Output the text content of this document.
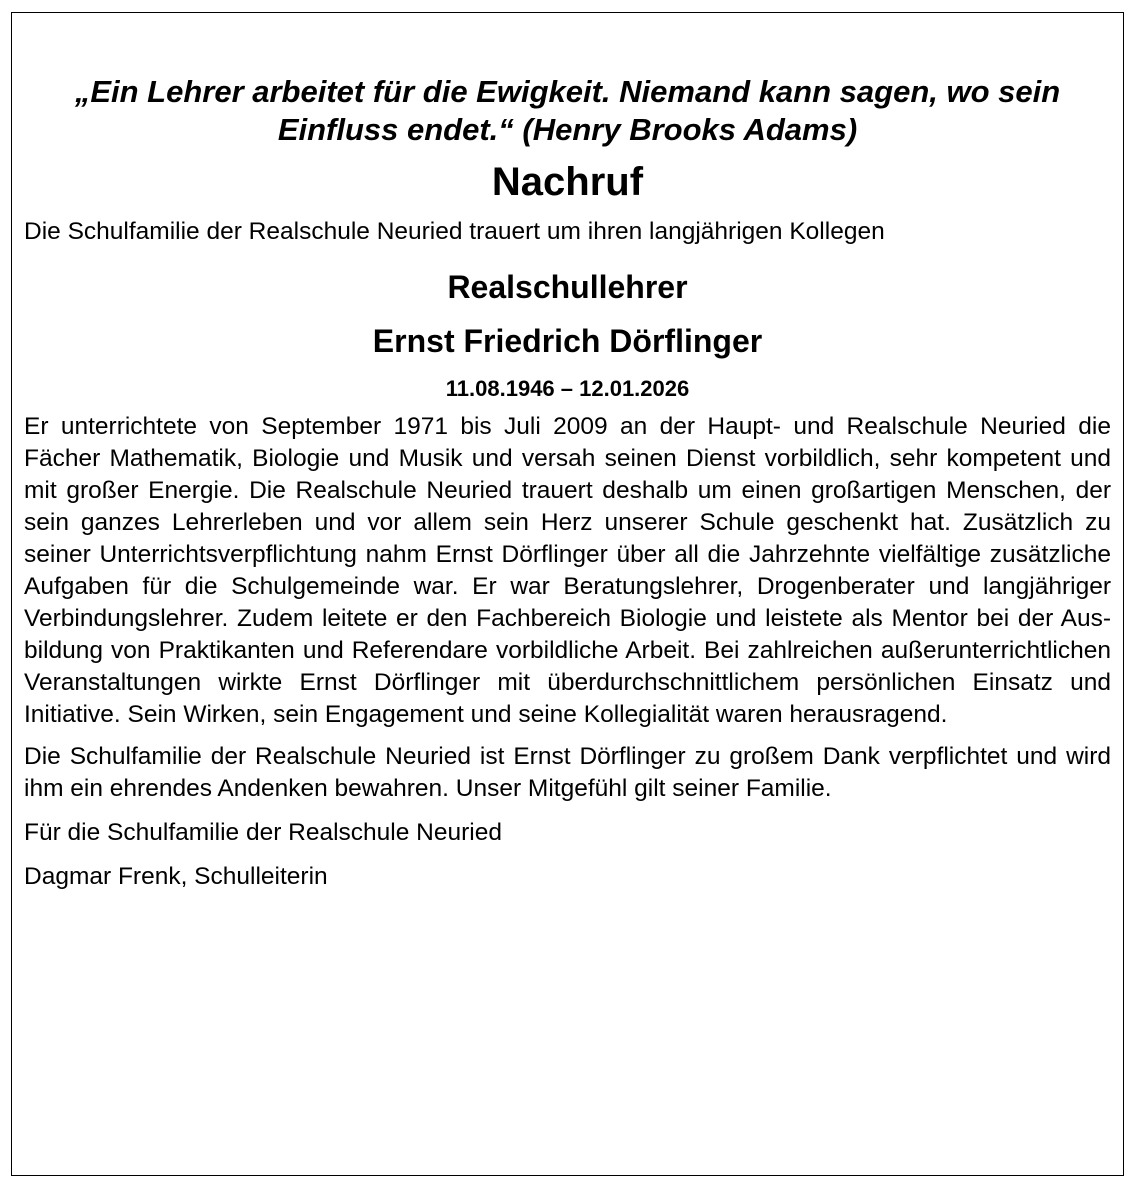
„Ein Lehrer arbeitet für die Ewigkeit. Niemand kann sagen, wo sein Einfluss endet.“ (Henry Brooks Adams)

Nachruf

Die Schulfamilie der Realschule Neuried trauert um ihren langjährigen Kollegen

Realschullehrer
Ernst Friedrich Dörflinger

11.08.1946 – 12.01.2026

Er unterrichtete von September 1971 bis Juli 2009 an der Haupt- und Realschule Neuried die Fächer Mathematik, Biologie und Musik und versah seinen Dienst vorbildlich, sehr kompetent und mit großer Energie. Die Realschule Neuried trauert deshalb um einen großartigen Menschen, der sein ganzes Lehrerleben und vor allem sein Herz unserer Schule geschenkt hat. Zusätzlich zu seiner Unterrichtsverpflichtung nahm Ernst Dörflinger über all die Jahrzehnte vielfältige zusätzliche Aufgaben für die Schulgemeinde war. Er war Beratungslehrer, Drogenberater und langjähriger Verbindungslehrer. Zudem leitete er den Fachbereich Biologie und leistete als Mentor bei der Ausbildung von Praktikanten und Referendare vorbildliche Arbeit. Bei zahlreichen außerunterrichtlichen Veranstaltungen wirkte Ernst Dörflinger mit überdurchschnittlichem persönlichen Einsatz und Initiative. Sein Wirken, sein Engagement und seine Kollegialität waren herausragend.

Die Schulfamilie der Realschule Neuried ist Ernst Dörflinger zu großem Dank verpflichtet und wird ihm ein ehrendes Andenken bewahren. Unser Mitgefühl gilt seiner Familie.

Für die Schulfamilie der Realschule Neuried

Dagmar Frenk, Schulleiterin
